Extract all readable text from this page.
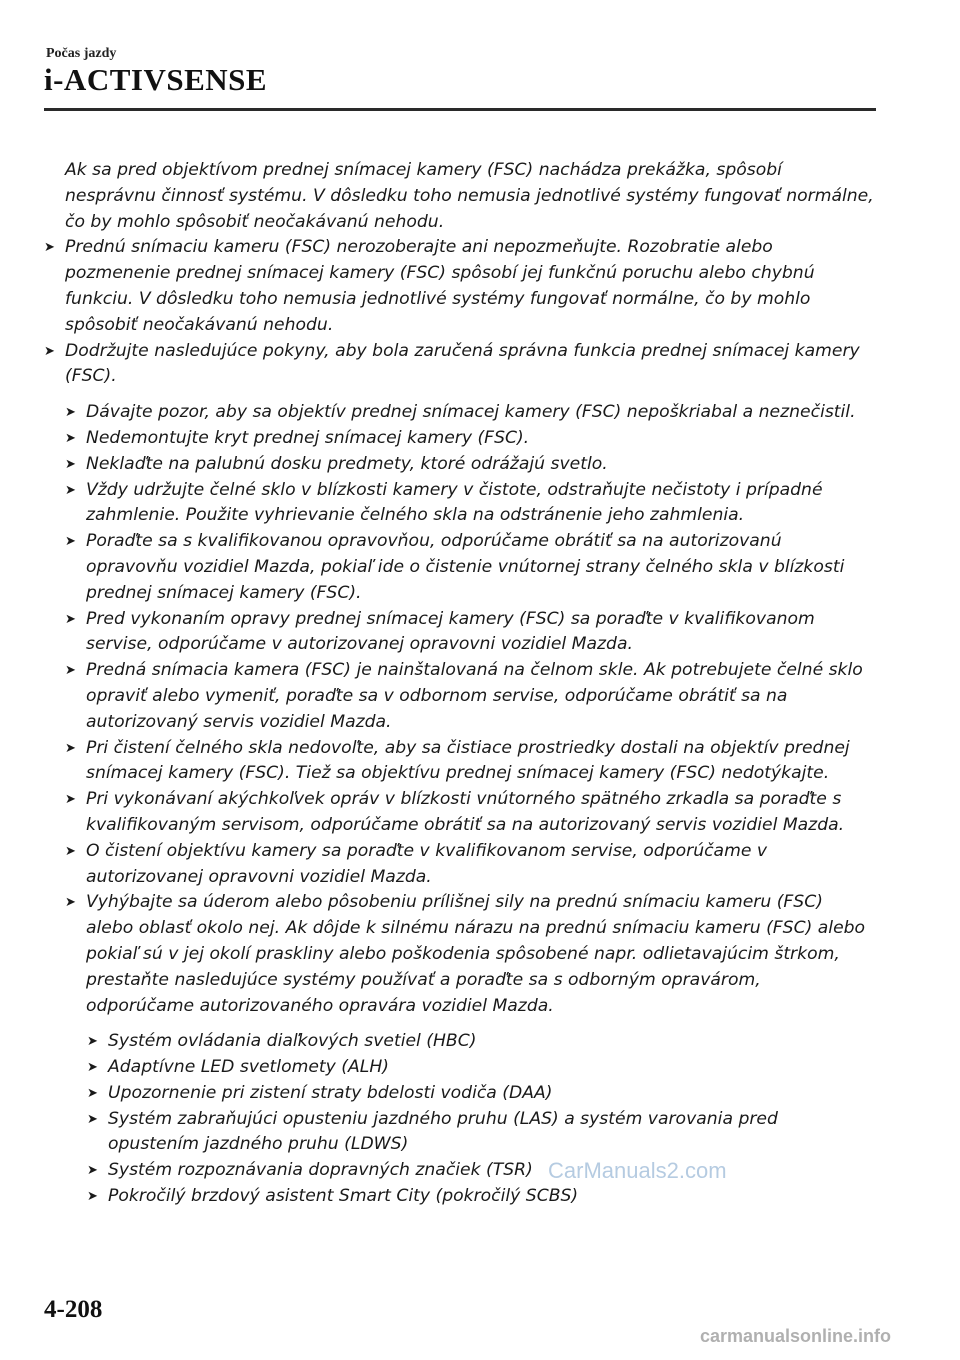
Počas jazdy
i-ACTIVSENSE

Ak sa pred objektívom prednej snímacej kamery (FSC) nachádza prekážka, spôsobí nesprávnu činnosť systému. V dôsledku toho nemusia jednotlivé systémy fungovať normálne, čo by mohlo spôsobiť neočakávanú nehodu.

➤ Prednú snímaciu kameru (FSC) nerozoberajte ani nepozmeňujte. Rozobratie alebo pozmenenie prednej snímacej kamery (FSC) spôsobí jej funkčnú poruchu alebo chybnú funkciu. V dôsledku toho nemusia jednotlivé systémy fungovať normálne, čo by mohlo spôsobiť neočakávanú nehodu.

➤ Dodržujte nasledujúce pokyny, aby bola zaručená správna funkcia prednej snímacej kamery (FSC).

➤ Dávajte pozor, aby sa objektív prednej snímacej kamery (FSC) nepoškriabal a neznečistil.

➤ Nedemontujte kryt prednej snímacej kamery (FSC).

➤ Neklaďte na palubnú dosku predmety, ktoré odrážajú svetlo.

➤ Vždy udržujte čelné sklo v blízkosti kamery v čistote, odstraňujte nečistoty i prípadné zahmlenie. Použite vyhrievanie čelného skla na odstránenie jeho zahmlenia.

➤ Poraďte sa s kvalifikovanou opravovňou, odporúčame obrátiť sa na autorizovanú opravovňu vozidiel Mazda, pokiaľ ide o čistenie vnútornej strany čelného skla v blízkosti prednej snímacej kamery (FSC).

➤ Pred vykonaním opravy prednej snímacej kamery (FSC) sa poraďte v kvalifikovanom servise, odporúčame v autorizovanej opravovni vozidiel Mazda.

➤ Predná snímacia kamera (FSC) je nainštalovaná na čelnom skle. Ak potrebujete čelné sklo opraviť alebo vymeniť, poraďte sa v odbornom servise, odporúčame obrátiť sa na autorizovaný servis vozidiel Mazda.

➤ Pri čistení čelného skla nedovoľte, aby sa čistiace prostriedky dostali na objektív prednej snímacej kamery (FSC). Tiež sa objektívu prednej snímacej kamery (FSC) nedotýkajte.

➤ Pri vykonávaní akýchkoľvek opráv v blízkosti vnútorného spätného zrkadla sa poraďte s kvalifikovaným servisom, odporúčame obrátiť sa na autorizovaný servis vozidiel Mazda.

➤ O čistení objektívu kamery sa poraďte v kvalifikovanom servise, odporúčame v autorizovanej opravovni vozidiel Mazda.

➤ Vyhýbajte sa úderom alebo pôsobeniu prílišnej sily na prednú snímaciu kameru (FSC) alebo oblasť okolo nej. Ak dôjde k silnému nárazu na prednú snímaciu kameru (FSC) alebo pokiaľ sú v jej okolí praskliny alebo poškodenia spôsobené napr. odlietavajúcim štrkom, prestaňte nasledujúce systémy používať a poraďte sa s odborným opravárom, odporúčame autorizovaného opravára vozidiel Mazda.

➤ Systém ovládania diaľkových svetiel (HBC)

➤ Adaptívne LED svetlomety (ALH)

➤ Upozornenie pri zistení straty bdelosti vodiča (DAA)

➤ Systém zabraňujúci opusteniu jazdného pruhu (LAS) a systém varovania pred opustením jazdného pruhu (LDWS)

➤ Systém rozpoznávania dopravných značiek (TSR)

➤ Pokročilý brzdový asistent Smart City (pokročilý SCBS)

CarManuals2.com
4-208
carmanualsonline.info
